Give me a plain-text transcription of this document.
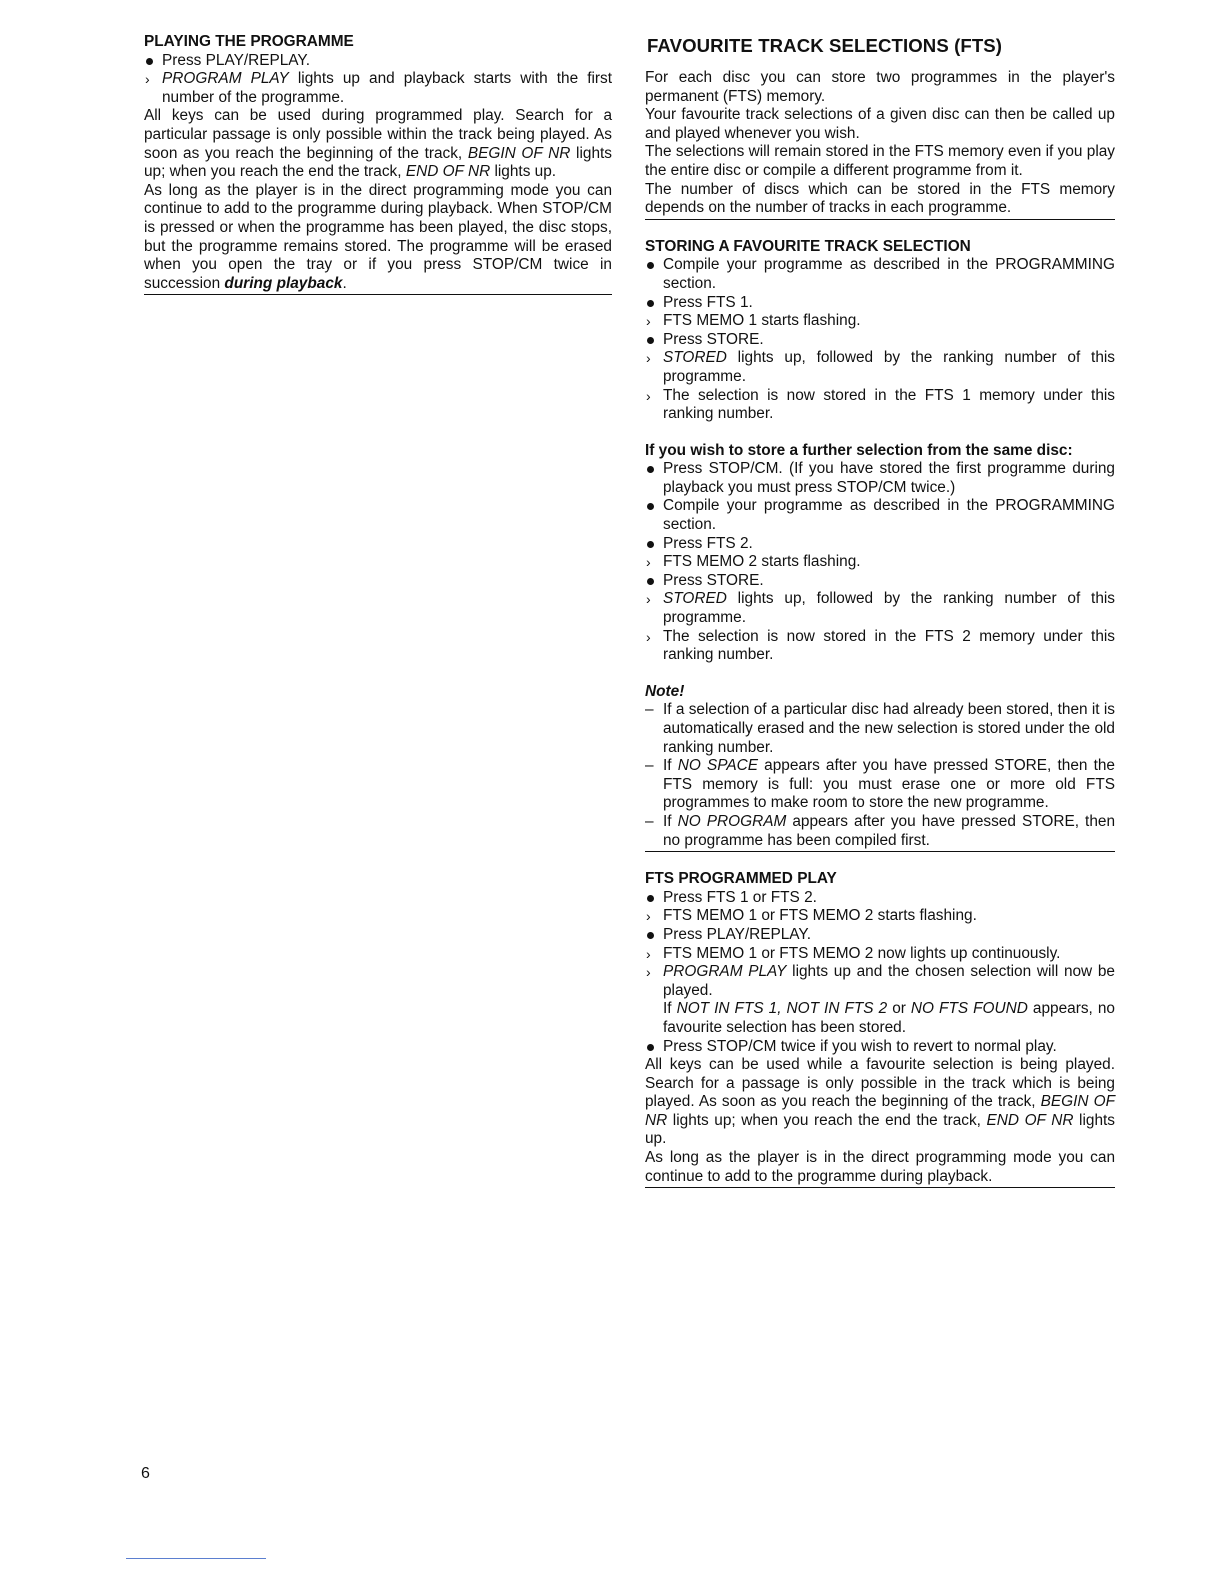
PLAYING THE PROGRAMME
Press PLAY/REPLAY.
› PROGRAM PLAY lights up and playback starts with the first number of the programme.
All keys can be used during programmed play. Search for a particular passage is only possible within the track being played. As soon as you reach the beginning of the track, BEGIN OF NR lights up; when you reach the end the track, END OF NR lights up.
As long as the player is in the direct programming mode you can continue to add to the programme during playback. When STOP/CM is pressed or when the programme has been played, the disc stops, but the programme remains stored. The programme will be erased when you open the tray or if you press STOP/CM twice in succession during playback.
FAVOURITE TRACK SELECTIONS (FTS)
For each disc you can store two programmes in the player's permanent (FTS) memory.
Your favourite track selections of a given disc can then be called up and played whenever you wish.
The selections will remain stored in the FTS memory even if you play the entire disc or compile a different programme from it.
The number of discs which can be stored in the FTS memory depends on the number of tracks in each programme.
STORING A FAVOURITE TRACK SELECTION
Compile your programme as described in the PROGRAMMING section.
Press FTS 1.
› FTS MEMO 1 starts flashing.
Press STORE.
› STORED lights up, followed by the ranking number of this programme.
› The selection is now stored in the FTS 1 memory under this ranking number.
If you wish to store a further selection from the same disc:
Press STOP/CM. (If you have stored the first programme during playback you must press STOP/CM twice.)
Compile your programme as described in the PROGRAMMING section.
Press FTS 2.
› FTS MEMO 2 starts flashing.
Press STORE.
› STORED lights up, followed by the ranking number of this programme.
› The selection is now stored in the FTS 2 memory under this ranking number.
Note!
– If a selection of a particular disc had already been stored, then it is automatically erased and the new selection is stored under the old ranking number.
– If NO SPACE appears after you have pressed STORE, then the FTS memory is full: you must erase one or more old FTS programmes to make room to store the new programme.
– If NO PROGRAM appears after you have pressed STORE, then no programme has been compiled first.
FTS PROGRAMMED PLAY
Press FTS 1 or FTS 2.
› FTS MEMO 1 or FTS MEMO 2 starts flashing.
Press PLAY/REPLAY.
› FTS MEMO 1 or FTS MEMO 2 now lights up continuously.
› PROGRAM PLAY lights up and the chosen selection will now be played.
If NOT IN FTS 1, NOT IN FTS 2 or NO FTS FOUND appears, no favourite selection has been stored.
Press STOP/CM twice if you wish to revert to normal play.
All keys can be used while a favourite selection is being played. Search for a passage is only possible in the track which is being played. As soon as you reach the beginning of the track, BEGIN OF NR lights up; when you reach the end the track, END OF NR lights up.
As long as the player is in the direct programming mode you can continue to add to the programme during playback.
6
